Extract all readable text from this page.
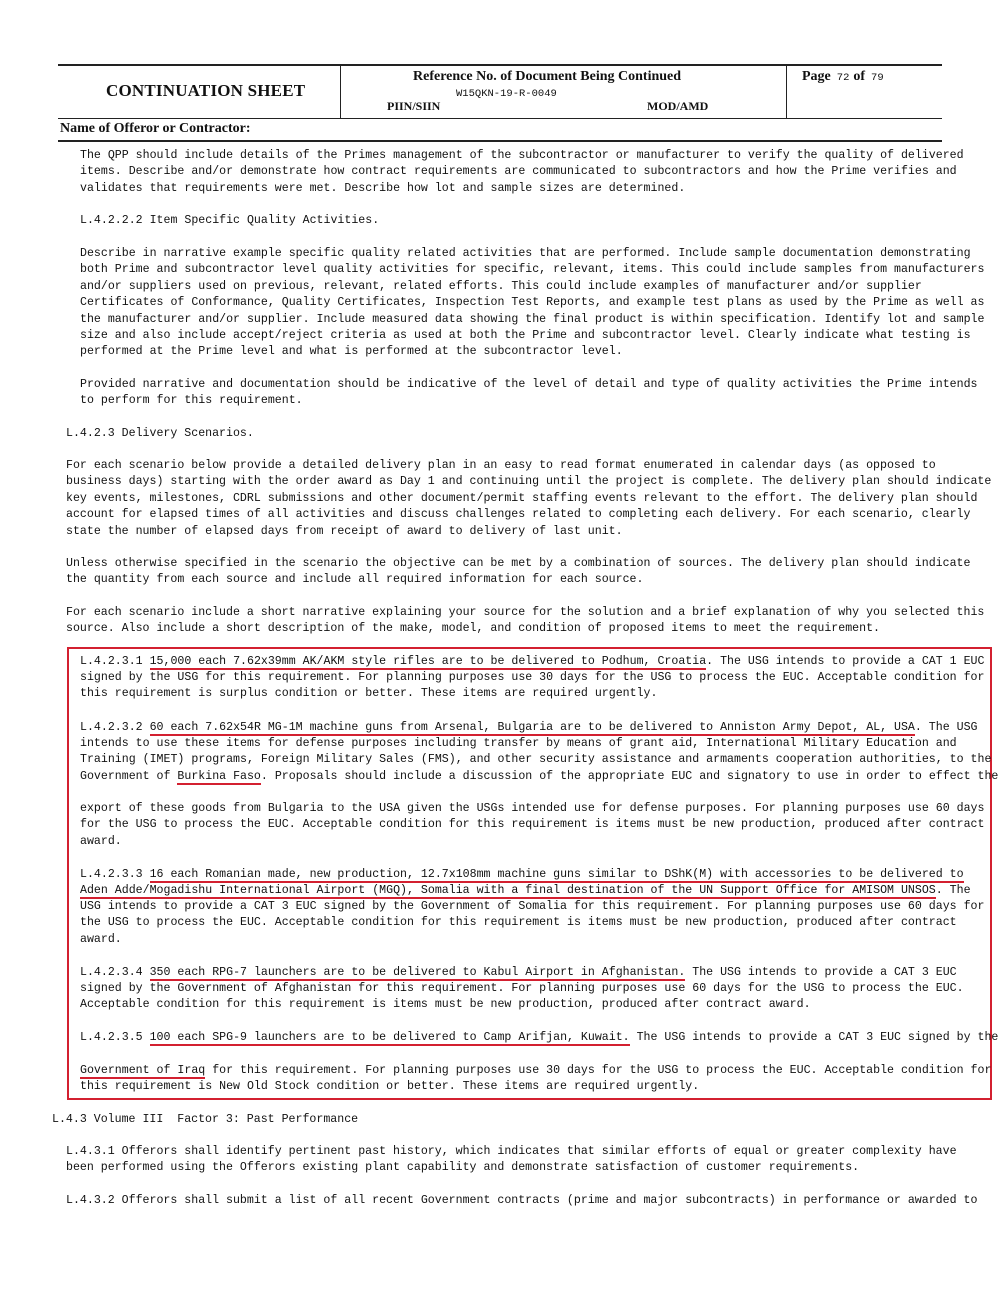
CONTINUATION SHEET
Reference No. of Document Being Continued
W15QKN-19-R-0049
PIIN/SIIN	MOD/AMD
Page 72 of 79
Name of Offeror or Contractor:

The QPP should include details of the Primes management of the subcontractor or manufacturer to verify the quality of delivered
items. Describe and/or demonstrate how contract requirements are communicated to subcontractors and how the Prime verifies and
validates that requirements were met. Describe how lot and sample sizes are determined.

L.4.2.2.2 Item Specific Quality Activities.

Describe in narrative example specific quality related activities that are performed. Include sample documentation demonstrating
both Prime and subcontractor level quality activities for specific, relevant, items. This could include samples from manufacturers
and/or suppliers used on previous, relevant, related efforts. This could include examples of manufacturer and/or supplier
Certificates of Conformance, Quality Certificates, Inspection Test Reports, and example test plans as used by the Prime as well as
the manufacturer and/or supplier. Include measured data showing the final product is within specification. Identify lot and sample
size and also include accept/reject criteria as used at both the Prime and subcontractor level. Clearly indicate what testing is
performed at the Prime level and what is performed at the subcontractor level.

Provided narrative and documentation should be indicative of the level of detail and type of quality activities the Prime intends
to perform for this requirement.

L.4.2.3 Delivery Scenarios.

For each scenario below provide a detailed delivery plan in an easy to read format enumerated in calendar days (as opposed to
business days) starting with the order award as Day 1 and continuing until the project is complete. The delivery plan should indicate
key events, milestones, CDRL submissions and other document/permit staffing events relevant to the effort. The delivery plan should
account for elapsed times of all activities and discuss challenges related to completing each delivery. For each scenario, clearly
state the number of elapsed days from receipt of award to delivery of last unit.

Unless otherwise specified in the scenario the objective can be met by a combination of sources. The delivery plan should indicate
the quantity from each source and include all required information for each source.

For each scenario include a short narrative explaining your source for the solution and a brief explanation of why you selected this
source. Also include a short description of the make, model, and condition of proposed items to meet the requirement.

L.4.2.3.1 15,000 each 7.62x39mm AK/AKM style rifles are to be delivered to Podhum, Croatia. The USG intends to provide a CAT 1 EUC

signed by the USG for this requirement. For planning purposes use 30 days for the USG to process the EUC. Acceptable condition for
this requirement is surplus condition or better. These items are required urgently.

L.4.2.3.2 60 each 7.62x54R MG-1M machine guns from Arsenal, Bulgaria are to be delivered to Anniston Army Depot, AL, USA. The USG

intends to use these items for defense purposes including transfer by means of grant aid, International Military Education and
Training (IMET) programs, Foreign Military Sales (FMS), and other security assistance and armaments cooperation authorities, to the
Government of Burkina Faso. Proposals should include a discussion of the appropriate EUC and signatory to use in order to effect the

export of these goods from Bulgaria to the USA given the USGs intended use for defense purposes. For planning purposes use 60 days
for the USG to process the EUC. Acceptable condition for this requirement is items must be new production, produced after contract
award.

L.4.2.3.3 16 each Romanian made, new production, 12.7x108mm machine guns similar to DShK(M) with accessories to be delivered to

Aden Adde/Mogadishu International Airport (MGQ), Somalia with a final destination of the UN Support Office for AMISOM UNSOS. The

USG intends to provide a CAT 3 EUC signed by the Government of Somalia for this requirement. For planning purposes use 60 days for
the USG to process the EUC. Acceptable condition for this requirement is items must be new production, produced after contract
award.

L.4.2.3.4 350 each RPG-7 launchers are to be delivered to Kabul Airport in Afghanistan. The USG intends to provide a CAT 3 EUC

signed by the Government of Afghanistan for this requirement. For planning purposes use 60 days for the USG to process the EUC.
Acceptable condition for this requirement is items must be new production, produced after contract award.

L.4.2.3.5 100 each SPG-9 launchers are to be delivered to Camp Arifjan, Kuwait. The USG intends to provide a CAT 3 EUC signed by the

Government of Iraq for this requirement. For planning purposes use 30 days for the USG to process the EUC. Acceptable condition for

this requirement is New Old Stock condition or better. These items are required urgently.

L.4.3 Volume III  Factor 3: Past Performance

L.4.3.1 Offerors shall identify pertinent past history, which indicates that similar efforts of equal or greater complexity have
been performed using the Offerors existing plant capability and demonstrate satisfaction of customer requirements.

L.4.3.2 Offerors shall submit a list of all recent Government contracts (prime and major subcontracts) in performance or awarded to
